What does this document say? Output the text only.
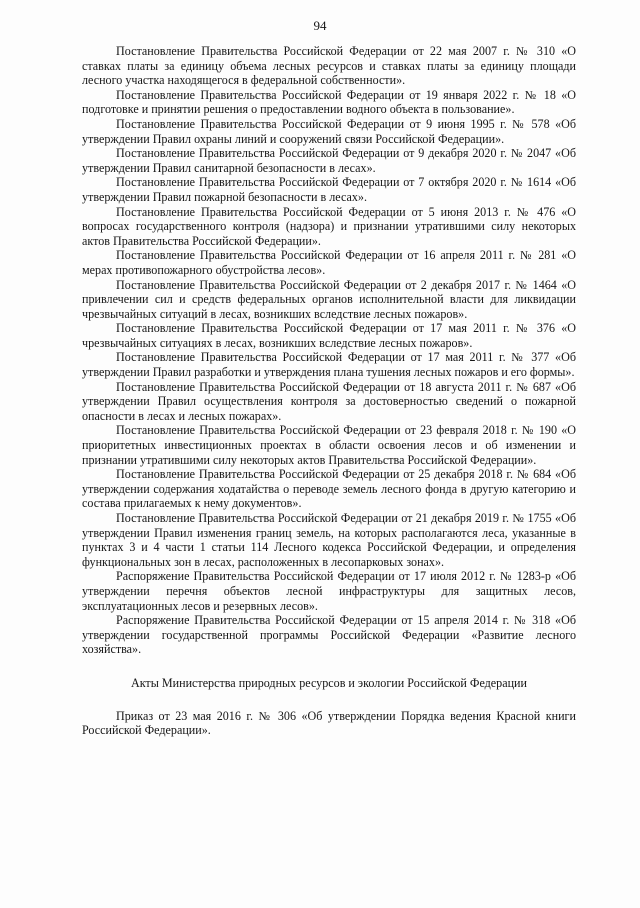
94

Постановление Правительства Российской Федерации от 22 мая 2007 г. № 310 «О ставках платы за единицу объема лесных ресурсов и ставках платы за единицу площади лесного участка находящегося в федеральной собственности».

Постановление Правительства Российской Федерации от 19 января 2022 г. № 18 «О подготовке и принятии решения о предоставлении водного объекта в пользование».

Постановление Правительства Российской Федерации от 9 июня 1995 г. № 578 «Об утверждении Правил охраны линий и сооружений связи Российской Федерации».

Постановление Правительства Российской Федерации от 9 декабря 2020 г. № 2047 «Об утверждении Правил санитарной безопасности в лесах».

Постановление Правительства Российской Федерации от 7 октября 2020 г. № 1614 «Об утверждении Правил пожарной безопасности в лесах».

Постановление Правительства Российской Федерации от 5 июня 2013 г. № 476 «О вопросах государственного контроля (надзора) и признании утратившими силу некоторых актов Правительства Российской Федерации».

Постановление Правительства Российской Федерации от 16 апреля 2011 г. № 281 «О мерах противопожарного обустройства лесов».

Постановление Правительства Российской Федерации от 2 декабря 2017 г. № 1464 «О привлечении сил и средств федеральных органов исполнительной власти для ликвидации чрезвычайных ситуаций в лесах, возникших вследствие лесных пожаров».

Постановление Правительства Российской Федерации от 17 мая 2011 г. № 376 «О чрезвычайных ситуациях в лесах, возникших вследствие лесных пожаров».

Постановление Правительства Российской Федерации от 17 мая 2011 г. № 377 «Об утверждении Правил разработки и утверждения плана тушения лесных пожаров и его формы».

Постановление Правительства Российской Федерации от 18 августа 2011 г. № 687 «Об утверждении Правил осуществления контроля за достоверностью сведений о пожарной опасности в лесах и лесных пожарах».

Постановление Правительства Российской Федерации от 23 февраля 2018 г. № 190 «О приоритетных инвестиционных проектах в области освоения лесов и об изменении и признании утратившими силу некоторых актов Правительства Российской Федерации».

Постановление Правительства Российской Федерации от 25 декабря 2018 г. № 684 «Об утверждении содержания ходатайства о переводе земель лесного фонда в другую категорию и состава прилагаемых к нему документов».

Постановление Правительства Российской Федерации от 21 декабря 2019 г. № 1755 «Об утверждении Правил изменения границ земель, на которых располагаются леса, указанные в пунктах 3 и 4 части 1 статьи 114 Лесного кодекса Российской Федерации, и определения функциональных зон в лесах, расположенных в лесопарковых зонах».

Распоряжение Правительства Российской Федерации от 17 июля 2012 г. № 1283-р «Об утверждении перечня объектов лесной инфраструктуры для защитных лесов, эксплуатационных лесов и резервных лесов».

Распоряжение Правительства Российской Федерации от 15 апреля 2014 г. № 318 «Об утверждении государственной программы Российской Федерации «Развитие лесного хозяйства».

Акты Министерства природных ресурсов и экологии Российской Федерации

Приказ от 23 мая 2016 г. № 306 «Об утверждении Порядка ведения Красной книги Российской Федерации».
